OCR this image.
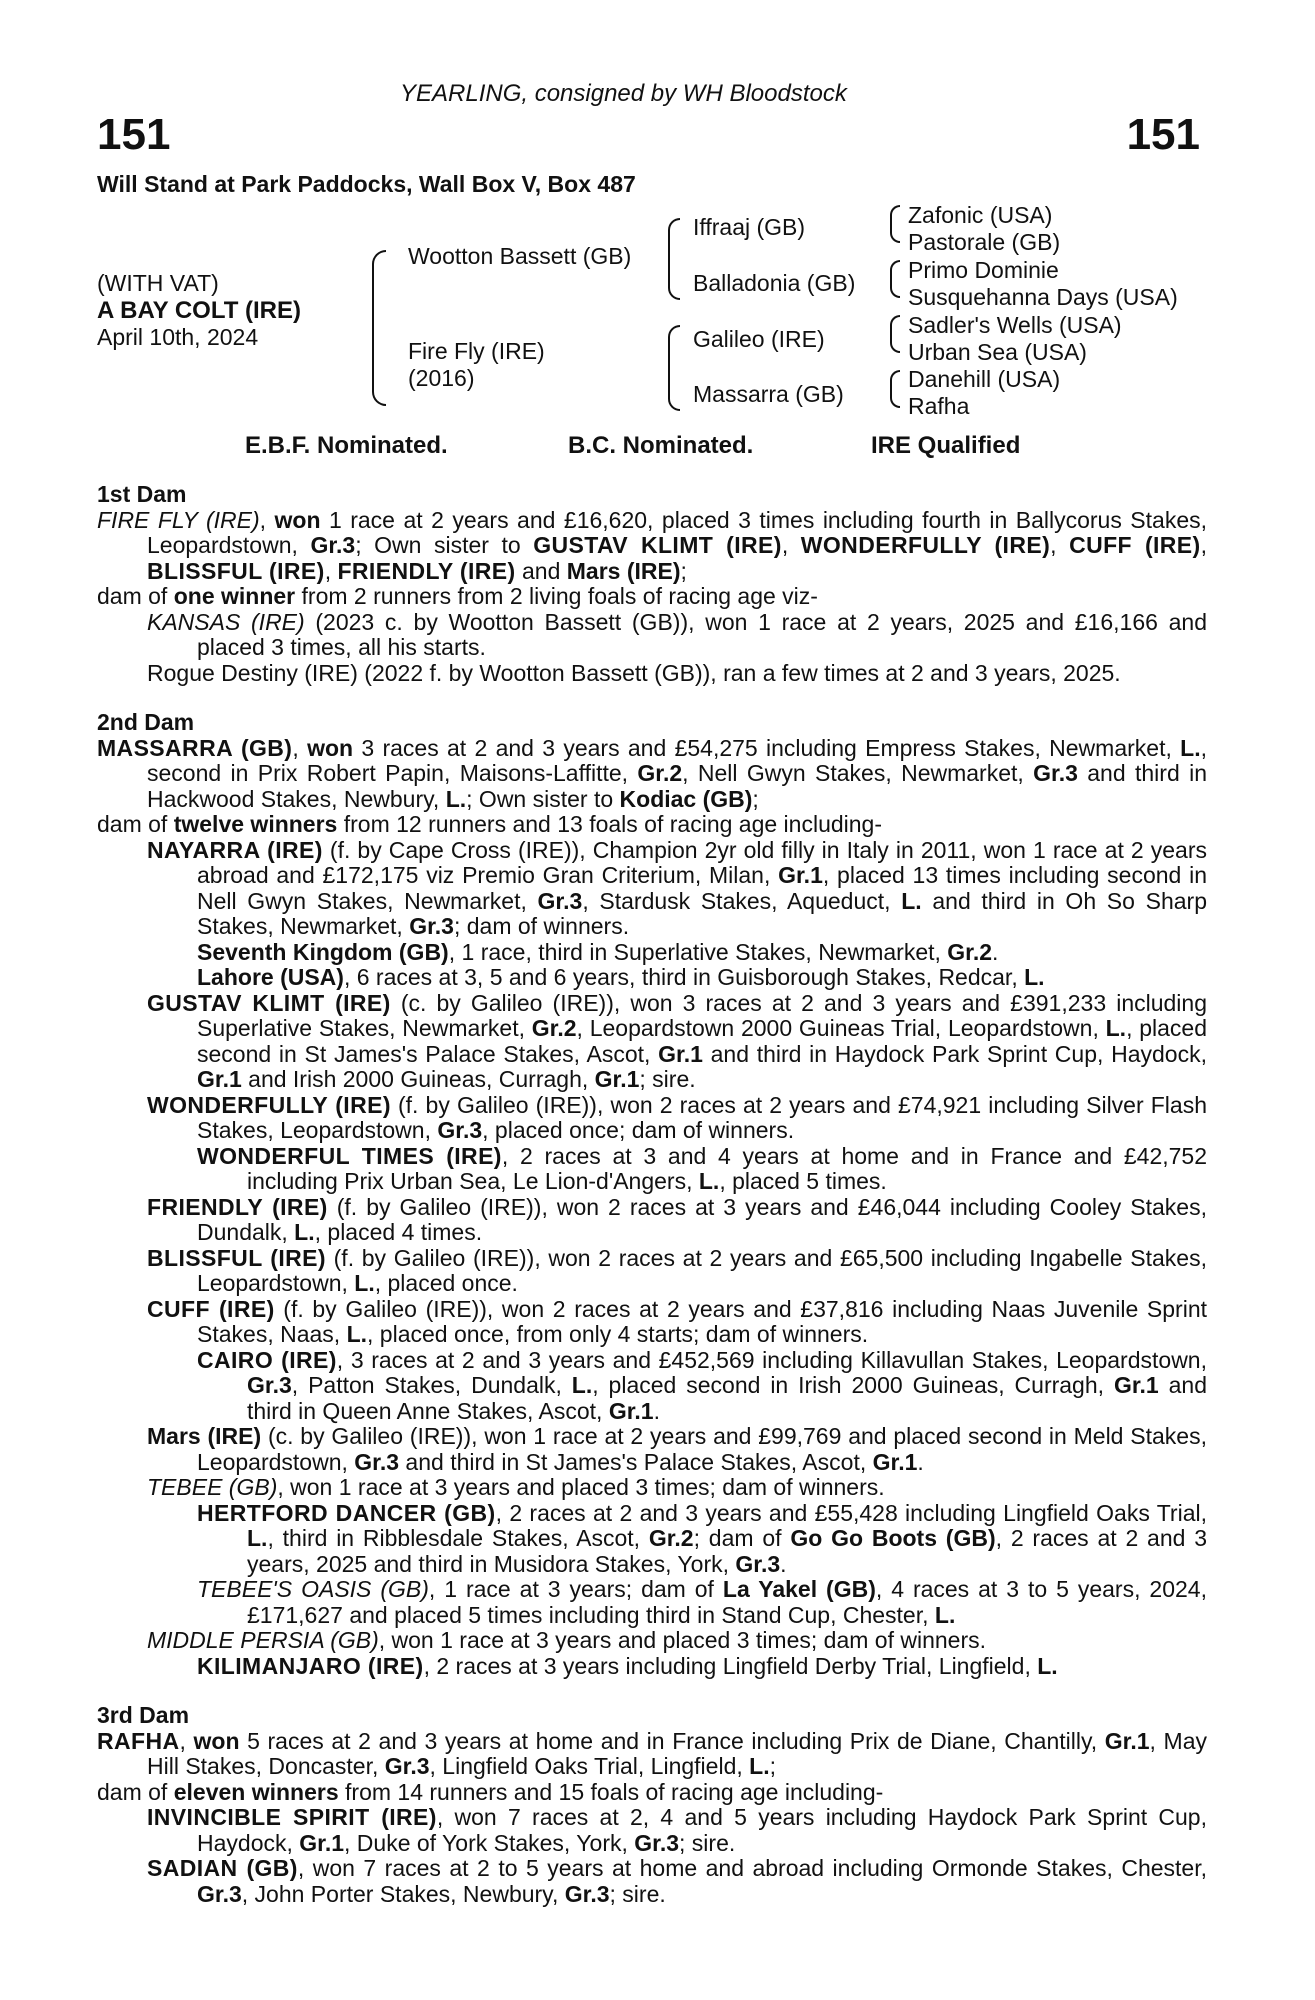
151	151
YEARLING, consigned by WH Bloodstock
Will Stand at Park Paddocks, Wall Box V, Box 487
(WITH VAT)
A BAY COLT (IRE)
April 10th, 2024
Wootton Bassett (GB)
Fire Fly (IRE)
(2016)
Iffraaj (GB)
Balladonia (GB)
Galileo (IRE)
Massarra (GB)
Zafonic (USA)
Pastorale (GB)
Primo Dominie
Susquehanna Days (USA)
Sadler's Wells (USA)
Urban Sea (USA)
Danehill (USA)
Rafha
E.B.F. Nominated.	B.C. Nominated.	IRE Qualified
1st Dam
FIRE FLY (IRE), won 1 race at 2 years and £16,620, placed 3 times including fourth in Ballycorus Stakes, Leopardstown, Gr.3; Own sister to GUSTAV KLIMT (IRE), WONDERFULLY (IRE), CUFF (IRE), BLISSFUL (IRE), FRIENDLY (IRE) and Mars (IRE);
dam of one winner from 2 runners from 2 living foals of racing age viz-
KANSAS (IRE) (2023 c. by Wootton Bassett (GB)), won 1 race at 2 years, 2025 and £16,166 and placed 3 times, all his starts.
Rogue Destiny (IRE) (2022 f. by Wootton Bassett (GB)), ran a few times at 2 and 3 years, 2025.
2nd Dam
MASSARRA (GB), won 3 races at 2 and 3 years and £54,275 including Empress Stakes, Newmarket, L., second in Prix Robert Papin, Maisons-Laffitte, Gr.2, Nell Gwyn Stakes, Newmarket, Gr.3 and third in Hackwood Stakes, Newbury, L.; Own sister to Kodiac (GB);
dam of twelve winners from 12 runners and 13 foals of racing age including-
NAYARRA (IRE) (f. by Cape Cross (IRE)), Champion 2yr old filly in Italy in 2011, won 1 race at 2 years abroad and £172,175 viz Premio Gran Criterium, Milan, Gr.1, placed 13 times including second in Nell Gwyn Stakes, Newmarket, Gr.3, Stardusk Stakes, Aqueduct, L. and third in Oh So Sharp Stakes, Newmarket, Gr.3; dam of winners.
Seventh Kingdom (GB), 1 race, third in Superlative Stakes, Newmarket, Gr.2.
Lahore (USA), 6 races at 3, 5 and 6 years, third in Guisborough Stakes, Redcar, L.
GUSTAV KLIMT (IRE) (c. by Galileo (IRE)), won 3 races at 2 and 3 years and £391,233 including Superlative Stakes, Newmarket, Gr.2, Leopardstown 2000 Guineas Trial, Leopardstown, L., placed second in St James's Palace Stakes, Ascot, Gr.1 and third in Haydock Park Sprint Cup, Haydock, Gr.1 and Irish 2000 Guineas, Curragh, Gr.1; sire.
WONDERFULLY (IRE) (f. by Galileo (IRE)), won 2 races at 2 years and £74,921 including Silver Flash Stakes, Leopardstown, Gr.3, placed once; dam of winners.
WONDERFUL TIMES (IRE), 2 races at 3 and 4 years at home and in France and £42,752 including Prix Urban Sea, Le Lion-d'Angers, L., placed 5 times.
FRIENDLY (IRE) (f. by Galileo (IRE)), won 2 races at 3 years and £46,044 including Cooley Stakes, Dundalk, L., placed 4 times.
BLISSFUL (IRE) (f. by Galileo (IRE)), won 2 races at 2 years and £65,500 including Ingabelle Stakes, Leopardstown, L., placed once.
CUFF (IRE) (f. by Galileo (IRE)), won 2 races at 2 years and £37,816 including Naas Juvenile Sprint Stakes, Naas, L., placed once, from only 4 starts; dam of winners.
CAIRO (IRE), 3 races at 2 and 3 years and £452,569 including Killavullan Stakes, Leopardstown, Gr.3, Patton Stakes, Dundalk, L., placed second in Irish 2000 Guineas, Curragh, Gr.1 and third in Queen Anne Stakes, Ascot, Gr.1.
Mars (IRE) (c. by Galileo (IRE)), won 1 race at 2 years and £99,769 and placed second in Meld Stakes, Leopardstown, Gr.3 and third in St James's Palace Stakes, Ascot, Gr.1.
TEBEE (GB), won 1 race at 3 years and placed 3 times; dam of winners.
HERTFORD DANCER (GB), 2 races at 2 and 3 years and £55,428 including Lingfield Oaks Trial, L., third in Ribblesdale Stakes, Ascot, Gr.2; dam of Go Go Boots (GB), 2 races at 2 and 3 years, 2025 and third in Musidora Stakes, York, Gr.3.
TEBEE'S OASIS (GB), 1 race at 3 years; dam of La Yakel (GB), 4 races at 3 to 5 years, 2024, £171,627 and placed 5 times including third in Stand Cup, Chester, L.
MIDDLE PERSIA (GB), won 1 race at 3 years and placed 3 times; dam of winners.
KILIMANJARO (IRE), 2 races at 3 years including Lingfield Derby Trial, Lingfield, L.
3rd Dam
RAFHA, won 5 races at 2 and 3 years at home and in France including Prix de Diane, Chantilly, Gr.1, May Hill Stakes, Doncaster, Gr.3, Lingfield Oaks Trial, Lingfield, L.;
dam of eleven winners from 14 runners and 15 foals of racing age including-
INVINCIBLE SPIRIT (IRE), won 7 races at 2, 4 and 5 years including Haydock Park Sprint Cup, Haydock, Gr.1, Duke of York Stakes, York, Gr.3; sire.
SADIAN (GB), won 7 races at 2 to 5 years at home and abroad including Ormonde Stakes, Chester, Gr.3, John Porter Stakes, Newbury, Gr.3; sire.
